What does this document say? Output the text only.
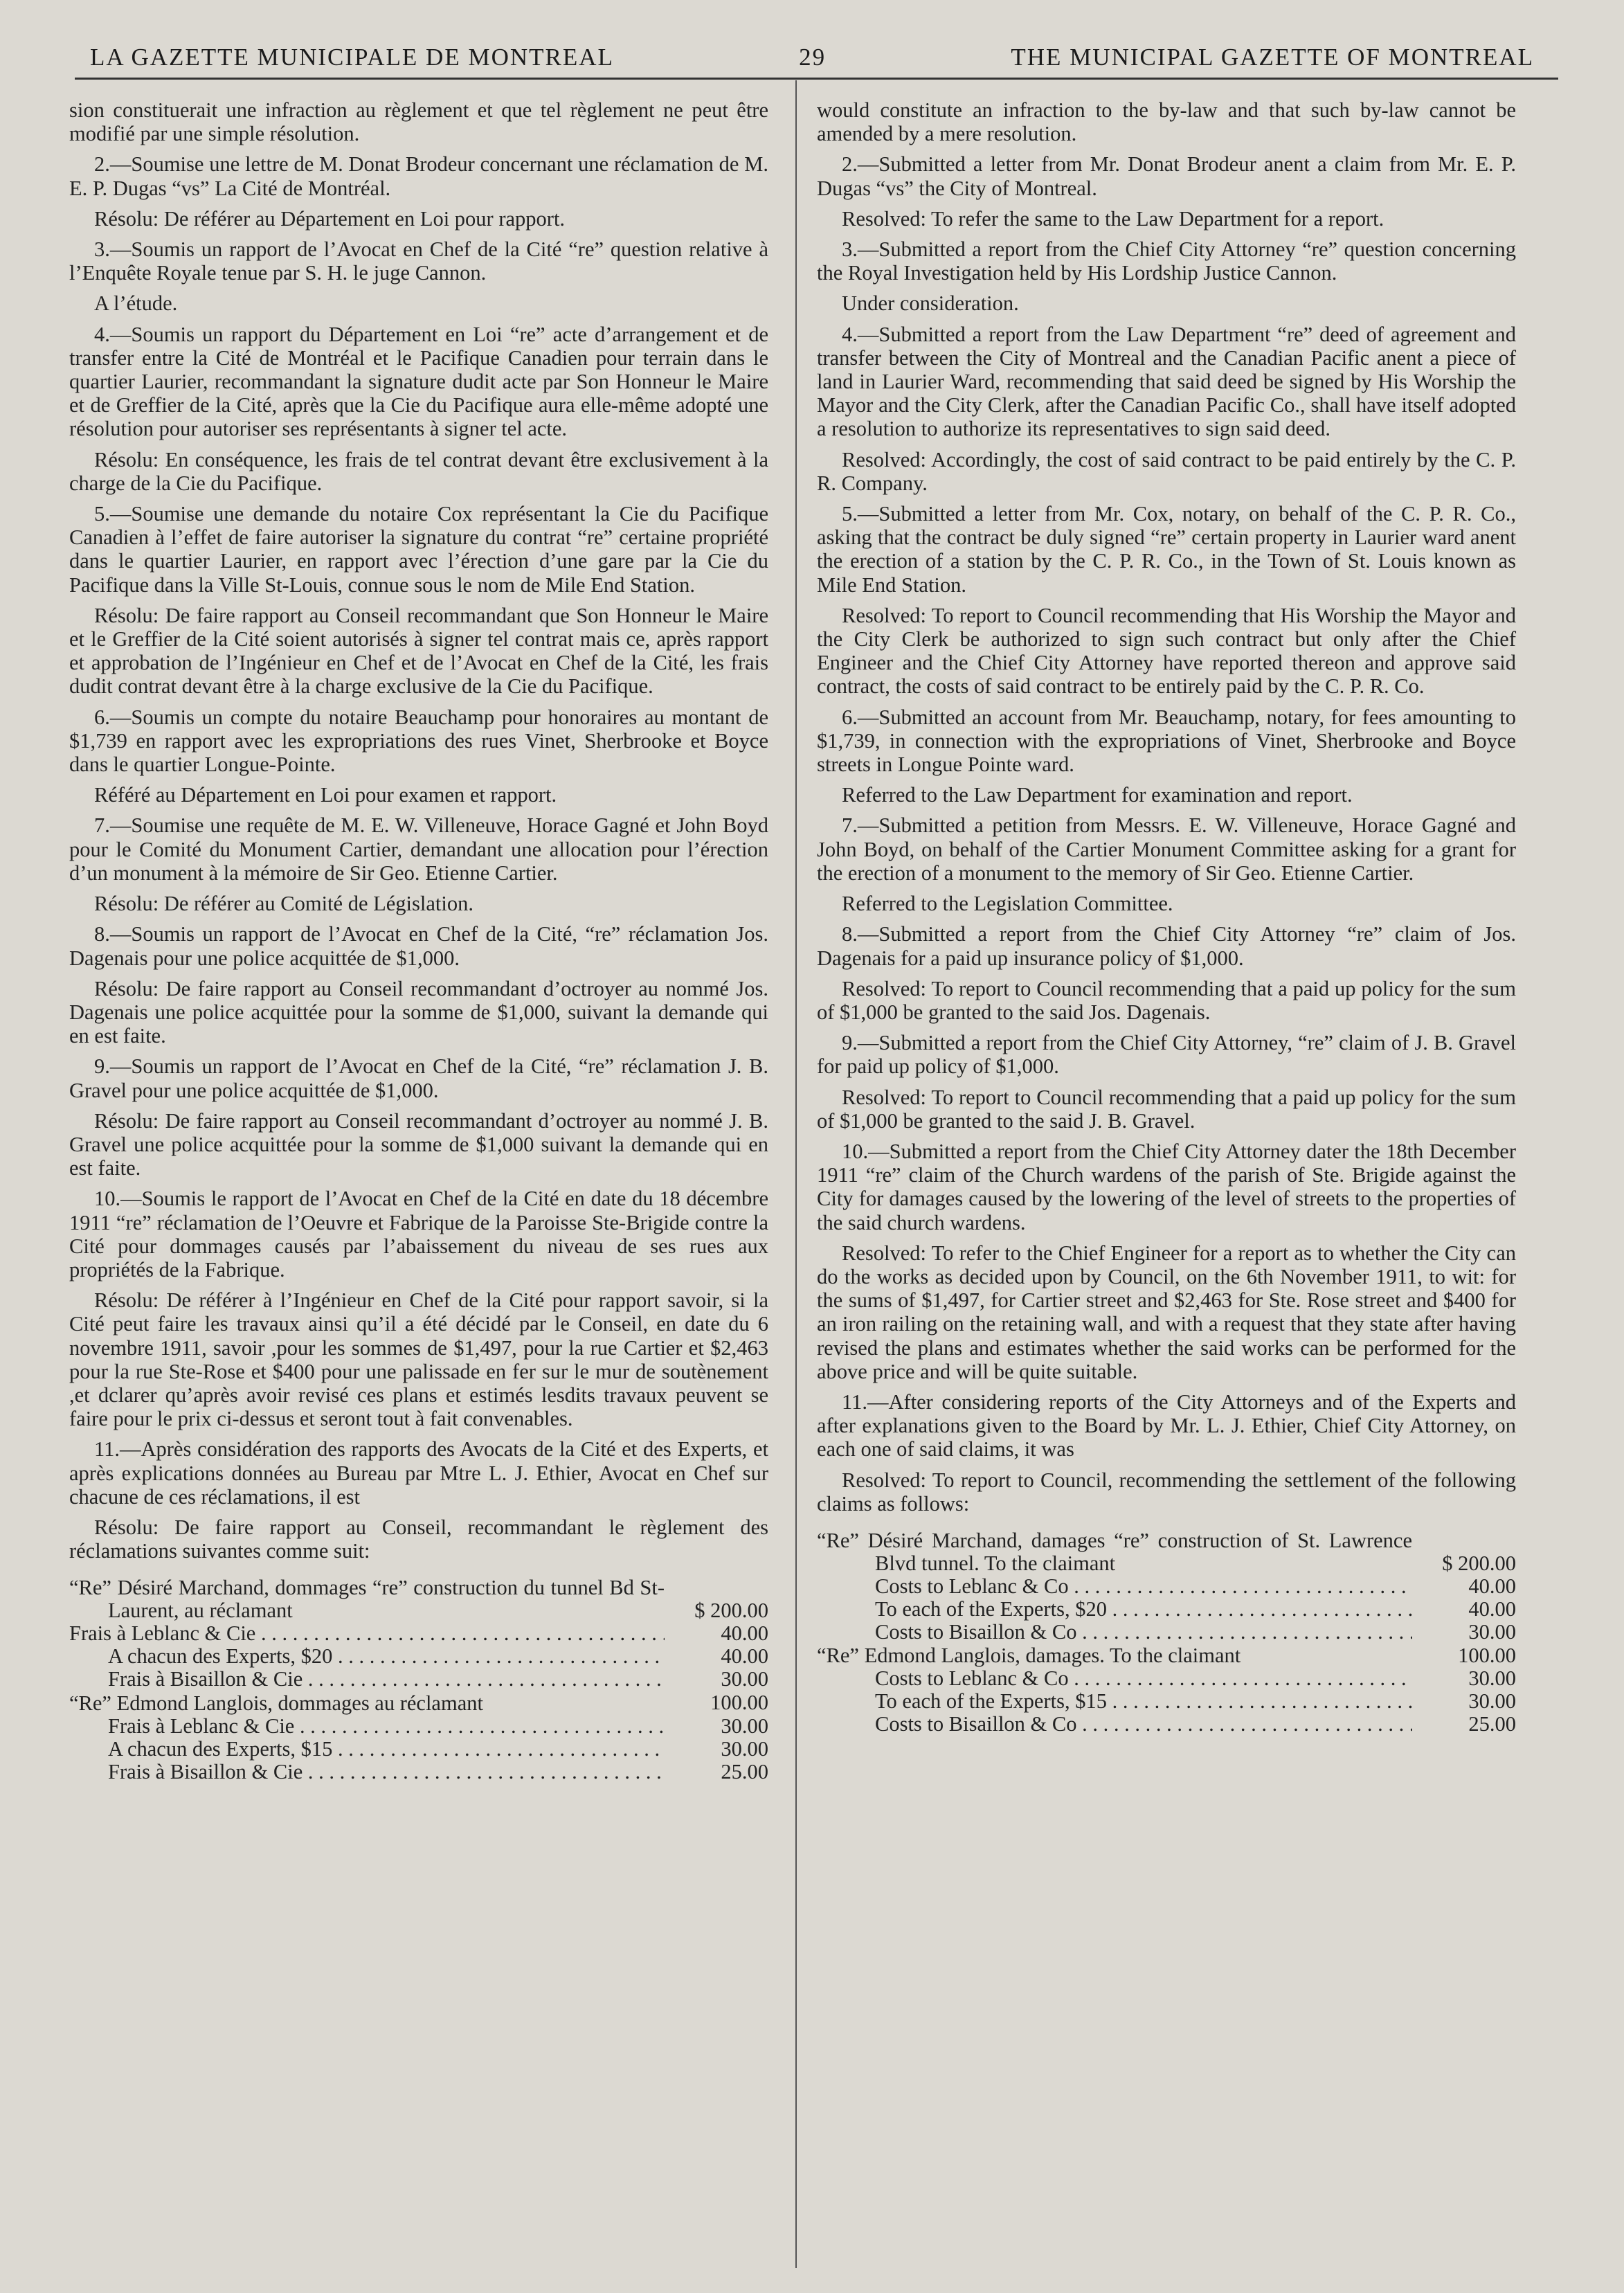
LA GAZETTE MUNICIPALE DE MONTREAL	29	THE MUNICIPAL GAZETTE OF MONTREAL

sion constituerait une infraction au règlement et que tel règlement ne peut être modifié par une simple résolution.

2.—Soumise une lettre de M. Donat Brodeur concernant une réclamation de M. E. P. Dugas “vs” La Cité de Montréal.

Résolu: De référer au Département en Loi pour rapport.

3.—Soumis un rapport de l’Avocat en Chef de la Cité “re” question relative à l’Enquête Royale tenue par S. H. le juge Cannon.

A l’étude.

4.—Soumis un rapport du Département en Loi “re” acte d’arrangement et de transfer entre la Cité de Montréal et le Pacifique Canadien pour terrain dans le quartier Laurier, recommandant la signature dudit acte par Son Honneur le Maire et de Greffier de la Cité, après que la Cie du Pacifique aura elle-même adopté une résolution pour autoriser ses représentants à signer tel acte.

Résolu: En conséquence, les frais de tel contrat devant être exclusivement à la charge de la Cie du Pacifique.

5.—Soumise une demande du notaire Cox représentant la Cie du Pacifique Canadien à l’effet de faire autoriser la signature du contrat “re” certaine propriété dans le quartier Laurier, en rapport avec l’érection d’une gare par la Cie du Pacifique dans la Ville St-Louis, connue sous le nom de Mile End Station.

Résolu: De faire rapport au Conseil recommandant que Son Honneur le Maire et le Greffier de la Cité soient autorisés à signer tel contrat mais ce, après rapport et approbation de l’Ingénieur en Chef et de l’Avocat en Chef de la Cité, les frais dudit contrat devant être à la charge exclusive de la Cie du Pacifique.

6.—Soumis un compte du notaire Beauchamp pour honoraires au montant de $1,739 en rapport avec les expropriations des rues Vinet, Sherbrooke et Boyce dans le quartier Longue-Pointe.

Référé au Département en Loi pour examen et rapport.

7.—Soumise une requête de M. E. W. Villeneuve, Horace Gagné et John Boyd pour le Comité du Monument Cartier, demandant une allocation pour l’érection d’un monument à la mémoire de Sir Geo. Etienne Cartier.

Résolu: De référer au Comité de Législation.

8.—Soumis un rapport de l’Avocat en Chef de la Cité, “re” réclamation Jos. Dagenais pour une police acquittée de $1,000.

Résolu: De faire rapport au Conseil recommandant d’octroyer au nommé Jos. Dagenais une police acquittée pour la somme de $1,000, suivant la demande qui en est faite.

9.—Soumis un rapport de l’Avocat en Chef de la Cité, “re” réclamation J. B. Gravel pour une police acquittée de $1,000.

Résolu: De faire rapport au Conseil recommandant d’octroyer au nommé J. B. Gravel une police acquittée pour la somme de $1,000 suivant la demande qui en est faite.

10.—Soumis le rapport de l’Avocat en Chef de la Cité en date du 18 décembre 1911 “re” réclamation de l’Oeuvre et Fabrique de la Paroisse Ste-Brigide contre la Cité pour dommages causés par l’abaissement du niveau de ses rues aux propriétés de la Fabrique.

Résolu: De référer à l’Ingénieur en Chef de la Cité pour rapport savoir, si la Cité peut faire les travaux ainsi qu’il a été décidé par le Conseil, en date du 6 novembre 1911, savoir ,pour les sommes de $1,497, pour la rue Cartier et $2,463 pour la rue Ste-Rose et $400 pour une palissade en fer sur le mur de soutènement ,et dclarer qu’après avoir revisé ces plans et estimés lesdits travaux peuvent se faire pour le prix ci-dessus et seront tout à fait convenables.

11.—Après considération des rapports des Avocats de la Cité et des Experts, et après explications données au Bureau par Mtre L. J. Ethier, Avocat en Chef sur chacune de ces réclamations, il est

Résolu: De faire rapport au Conseil, recommandant le règlement des réclamations suivantes comme suit:

“Re” Désiré Marchand, dommages “re” construction du tunnel Bd St-Laurent, au réclamant	$ 200.00
Frais à Leblanc & Cie . . .	40.00
A chacun des Experts, $20 . . .	40.00
Frais à Bisaillon & Cie . . .	30.00
“Re” Edmond Langlois, dommages au réclamant	100.00
Frais à Leblanc & Cie . . .	30.00
A chacun des Experts, $15 . . .	30.00
Frais à Bisaillon & Cie . . .	25.00

would constitute an infraction to the by-law and that such by-law cannot be amended by a mere resolution.

2.—Submitted a letter from Mr. Donat Brodeur anent a claim from Mr. E. P. Dugas “vs” the City of Montreal.

Resolved: To refer the same to the Law Department for a report.

3.—Submitted a report from the Chief City Attorney “re” question concerning the Royal Investigation held by His Lordship Justice Cannon.

Under consideration.

4.—Submitted a report from the Law Department “re” deed of agreement and transfer between the City of Montreal and the Canadian Pacific anent a piece of land in Laurier Ward, recommending that said deed be signed by His Worship the Mayor and the City Clerk, after the Canadian Pacific Co., shall have itself adopted a resolution to authorize its representatives to sign said deed.

Resolved: Accordingly, the cost of said contract to be paid entirely by the C. P. R. Company.

5.—Submitted a letter from Mr. Cox, notary, on behalf of the C. P. R. Co., asking that the contract be duly signed “re” certain property in Laurier ward anent the erection of a station by the C. P. R. Co., in the Town of St. Louis known as Mile End Station.

Resolved: To report to Council recommending that His Worship the Mayor and the City Clerk be authorized to sign such contract but only after the Chief Engineer and the Chief City Attorney have reported thereon and approve said contract, the costs of said contract to be entirely paid by the C. P. R. Co.

6.—Submitted an account from Mr. Beauchamp, notary, for fees amounting to $1,739, in connection with the expropriations of Vinet, Sherbrooke and Boyce streets in Longue Pointe ward.

Referred to the Law Department for examination and report.

7.—Submitted a petition from Messrs. E. W. Villeneuve, Horace Gagné and John Boyd, on behalf of the Cartier Monument Committee asking for a grant for the erection of a monument to the memory of Sir Geo. Etienne Cartier.

Referred to the Legislation Committee.

8.—Submitted a report from the Chief City Attorney “re” claim of Jos. Dagenais for a paid up insurance policy of $1,000.

Resolved: To report to Council recommending that a paid up policy for the sum of $1,000 be granted to the said Jos. Dagenais.

9.—Submitted a report from the Chief City Attorney, “re” claim of J. B. Gravel for paid up policy of $1,000.

Resolved: To report to Council recommending that a paid up policy for the sum of $1,000 be granted to the said J. B. Gravel.

10.—Submitted a report from the Chief City Attorney dater the 18th December 1911 “re” claim of the Church wardens of the parish of Ste. Brigide against the City for damages caused by the lowering of the level of streets to the properties of the said church wardens.

Resolved: To refer to the Chief Engineer for a report as to whether the City can do the works as decided upon by Council, on the 6th November 1911, to wit: for the sums of $1,497, for Cartier street and $2,463 for Ste. Rose street and $400 for an iron railing on the retaining wall, and with a request that they state after having revised the plans and estimates whether the said works can be performed for the above price and will be quite suitable.

11.—After considering reports of the City Attorneys and of the Experts and after explanations given to the Board by Mr. L. J. Ethier, Chief City Attorney, on each one of said claims, it was

Resolved: To report to Council, recommending the settlement of the following claims as follows:

“Re” Désiré Marchand, damages “re” construction of St. Lawrence Blvd tunnel. To the claimant	$ 200.00
Costs to Leblanc & Co . . .	40.00
To each of the Experts, $20 . . .	40.00
Costs to Bisaillon & Co . . .	30.00
“Re” Edmond Langlois, damages. To the claimant	100.00
Costs to Leblanc & Co . . .	30.00
To each of the Experts, $15 . . .	30.00
Costs to Bisaillon & Co . . .	25.00
